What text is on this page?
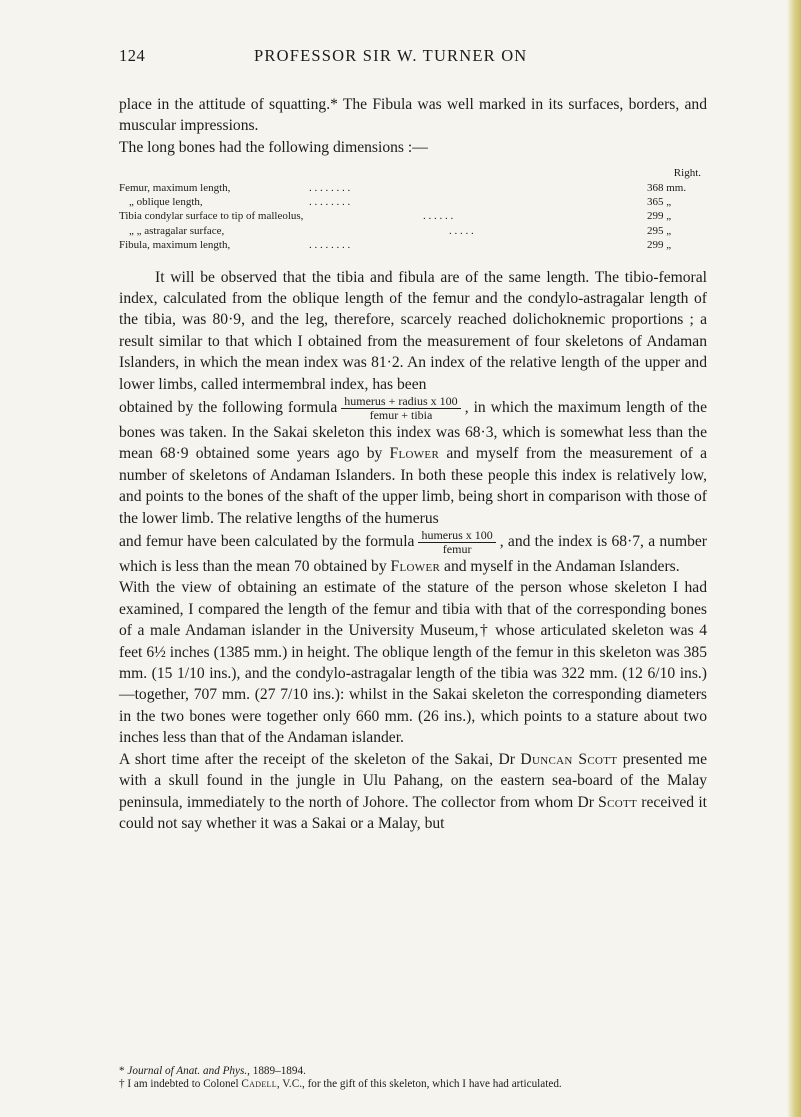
124	PROFESSOR SIR W. TURNER ON

place in the attitude of squatting.* The Fibula was well marked in its surfaces, borders, and muscular impressions.

The long bones had the following dimensions :—

Right.
Femur, maximum length,	. . . . . . . .	368 mm.
„ oblique length,	. . . . . . . .	365 „
Tibia condylar surface to tip of malleolus,	. . . . . .	299 „
„ „ astragalar surface,	. . . . .	295 „
Fibula, maximum length,	. . . . . . . .	299 „

It will be observed that the tibia and fibula are of the same length. The tibio-femoral index, calculated from the oblique length of the femur and the condylo-astragalar length of the tibia, was 80·9, and the leg, therefore, scarcely reached dolichoknemic proportions ; a result similar to that which I obtained from the measurement of four skeletons of Andaman Islanders, in which the mean index was 81·2. An index of the relative length of the upper and lower limbs, called intermembral index, has been

obtained by the following formula $\frac{\text{humerus + radius x 100}}{\text{femur + tibia}}$ , in which the maximum length of the bones was taken. In the Sakai skeleton this index was 68·3, which is somewhat less than the mean 68·9 obtained some years ago by Flower and myself from the measurement of a number of skeletons of Andaman Islanders. In both these people this index is relatively low, and points to the bones of the shaft of the upper limb, being short in comparison with those of the lower limb. The relative lengths of the humerus

and femur have been calculated by the formula $\frac{\text{humerus x 100}}{\text{femur}}$ , and the index is 68·7, a number which is less than the mean 70 obtained by Flower and myself in the Andaman Islanders.

With the view of obtaining an estimate of the stature of the person whose skeleton I had examined, I compared the length of the femur and tibia with that of the corresponding bones of a male Andaman islander in the University Museum,† whose articulated skeleton was 4 feet 6½ inches (1385 mm.) in height. The oblique length of the femur in this skeleton was 385 mm. (15 1/10 ins.), and the condylo-astragalar length of the tibia was 322 mm. (12 6/10 ins.)—together, 707 mm. (27 7/10 ins.): whilst in the Sakai skeleton the corresponding diameters in the two bones were together only 660 mm. (26 ins.), which points to a stature about two inches less than that of the Andaman islander.

A short time after the receipt of the skeleton of the Sakai, Dr Duncan Scott presented me with a skull found in the jungle in Ulu Pahang, on the eastern sea-board of the Malay peninsula, immediately to the north of Johore. The collector from whom Dr Scott received it could not say whether it was a Sakai or a Malay, but

* Journal of Anat. and Phys., 1889–1894.

† I am indebted to Colonel Cadell, V.C., for the gift of this skeleton, which I have had articulated.
